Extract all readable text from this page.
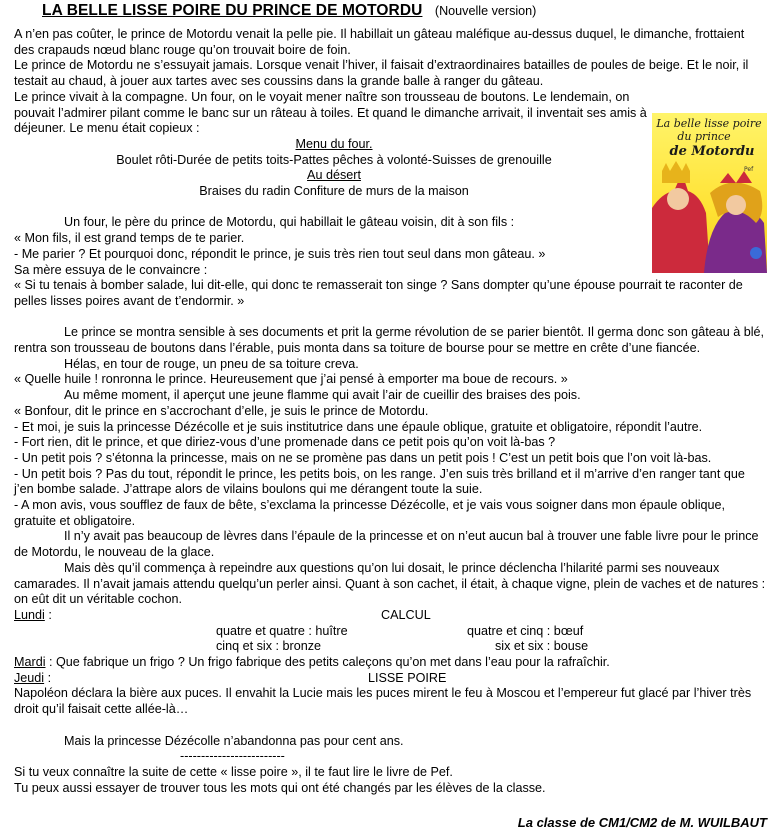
LA BELLE LISSE POIRE DU PRINCE DE MOTORDU (Nouvelle version)
La belle lisse poire
du prince
de Motordu
Pef

A n’en pas coûter, le prince de Motordu venait la pelle pie. Il habillait un gâteau maléfique au-dessus duquel, le dimanche, frottaient des crapauds nœud blanc rouge qu’on trouvait boire de foin.

Le prince de Motordu ne s’essuyait jamais. Lorsque venait l’hiver, il faisait d’extraordinaires batailles de poules de beige. Et le noir, il testait au chaud, à jouer aux tartes avec ses coussins dans la grande balle à ranger du gâteau.

Le prince vivait à la compagne. Un four, on le voyait mener naître son trousseau de boutons. Le lendemain, on pouvait l’admirer pilant comme le banc sur un râteau à toiles. Et quand le dimanche arrivait, il inventait ses amis à déjeuner. Le menu était copieux :

Menu du four.

Boulet rôti-Durée de petits toits-Pattes pêches à volonté-Suisses de grenouille

Au désert

Braises du radin Confiture de murs de la maison

Un four, le père du prince de Motordu, qui habillait le gâteau voisin, dit à son fils :

« Mon fils, il est grand temps de te parier.

- Me parier ? Et pourquoi donc, répondit le prince, je suis très rien tout seul dans mon gâteau. »

Sa mère essuya de le convaincre :

« Si tu tenais à bomber salade, lui dit-elle, qui donc te remasserait ton singe ? Sans dompter qu’une épouse pourrait te raconter de pelles lisses poires avant de t’endormir. »

Le prince se montra sensible à ses documents et prit la germe révolution de se parier bientôt. Il germa donc son gâteau à blé, rentra son trousseau de boutons dans l’érable, puis monta dans sa toiture de bourse pour se mettre en crête d’une fiancée.

Hélas, en tour de rouge, un pneu de sa toiture creva.

« Quelle huile ! ronronna le prince. Heureusement que j’ai pensé à emporter ma boue de recours. »

Au même moment, il aperçut une jeune flamme qui avait l’air de cueillir des braises des pois.

« Bonfour, dit le prince en s’accrochant d’elle, je suis le prince de Motordu.

- Et moi, je suis la princesse Dézécolle et je suis institutrice dans une épaule oblique, gratuite et obligatoire, répondit l’autre.

- Fort rien, dit le prince, et que diriez-vous d’une promenade dans ce petit pois qu’on voit là-bas ?

- Un petit pois ? s’étonna la princesse, mais on ne se promène pas dans un petit pois ! C’est un petit bois que l’on voit là-bas.

- Un petit bois ? Pas du tout, répondit le prince, les petits bois, on les range. J’en suis très brilland et il m’arrive d’en ranger tant que j’en bombe salade. J’attrape alors de vilains boulons qui me dérangent toute la suie.

- A mon avis, vous soufflez de faux de bête, s’exclama la princesse Dézécolle, et je vais vous soigner dans mon épaule oblique, gratuite et obligatoire.

Il n’y avait pas beaucoup de lèvres dans l’épaule de la princesse et on n’eut aucun bal à trouver une fable livre pour le prince de Motordu, le nouveau de la glace.

Mais dès qu’il commença à repeindre aux questions qu’on lui dosait, le prince déclencha l’hilarité parmi ses nouveaux camarades. Il n’avait jamais attendu quelqu’un perler ainsi. Quant à son cachet, il était, à chaque vigne, plein de vaches et de natures : on eût dit un véritable cochon.

Lundi :	CALCUL
quatre et quatre : huître	quatre et cinq : bœuf
cinq et six : bronze	six et six : bouse

Mardi : Que fabrique un frigo ? Un frigo fabrique des petits caleçons qu’on met dans l’eau pour la rafraîchir.

Jeudi :	LISSE POIRE

Napoléon déclara la bière aux puces. Il envahit la Lucie mais les puces mirent le feu à Moscou et l’empereur fut glacé par l’hiver très droit qu’il faisait cette allée-là…

Mais la princesse Dézécolle n’abandonna pas pour cent ans.

-------------------------

Si tu veux connaître la suite de cette « lisse poire », il te faut lire le livre de Pef.

Tu peux aussi essayer de trouver tous les mots qui ont été changés par les élèves de la classe.

La classe de CM1/CM2 de M. WUILBAUT
